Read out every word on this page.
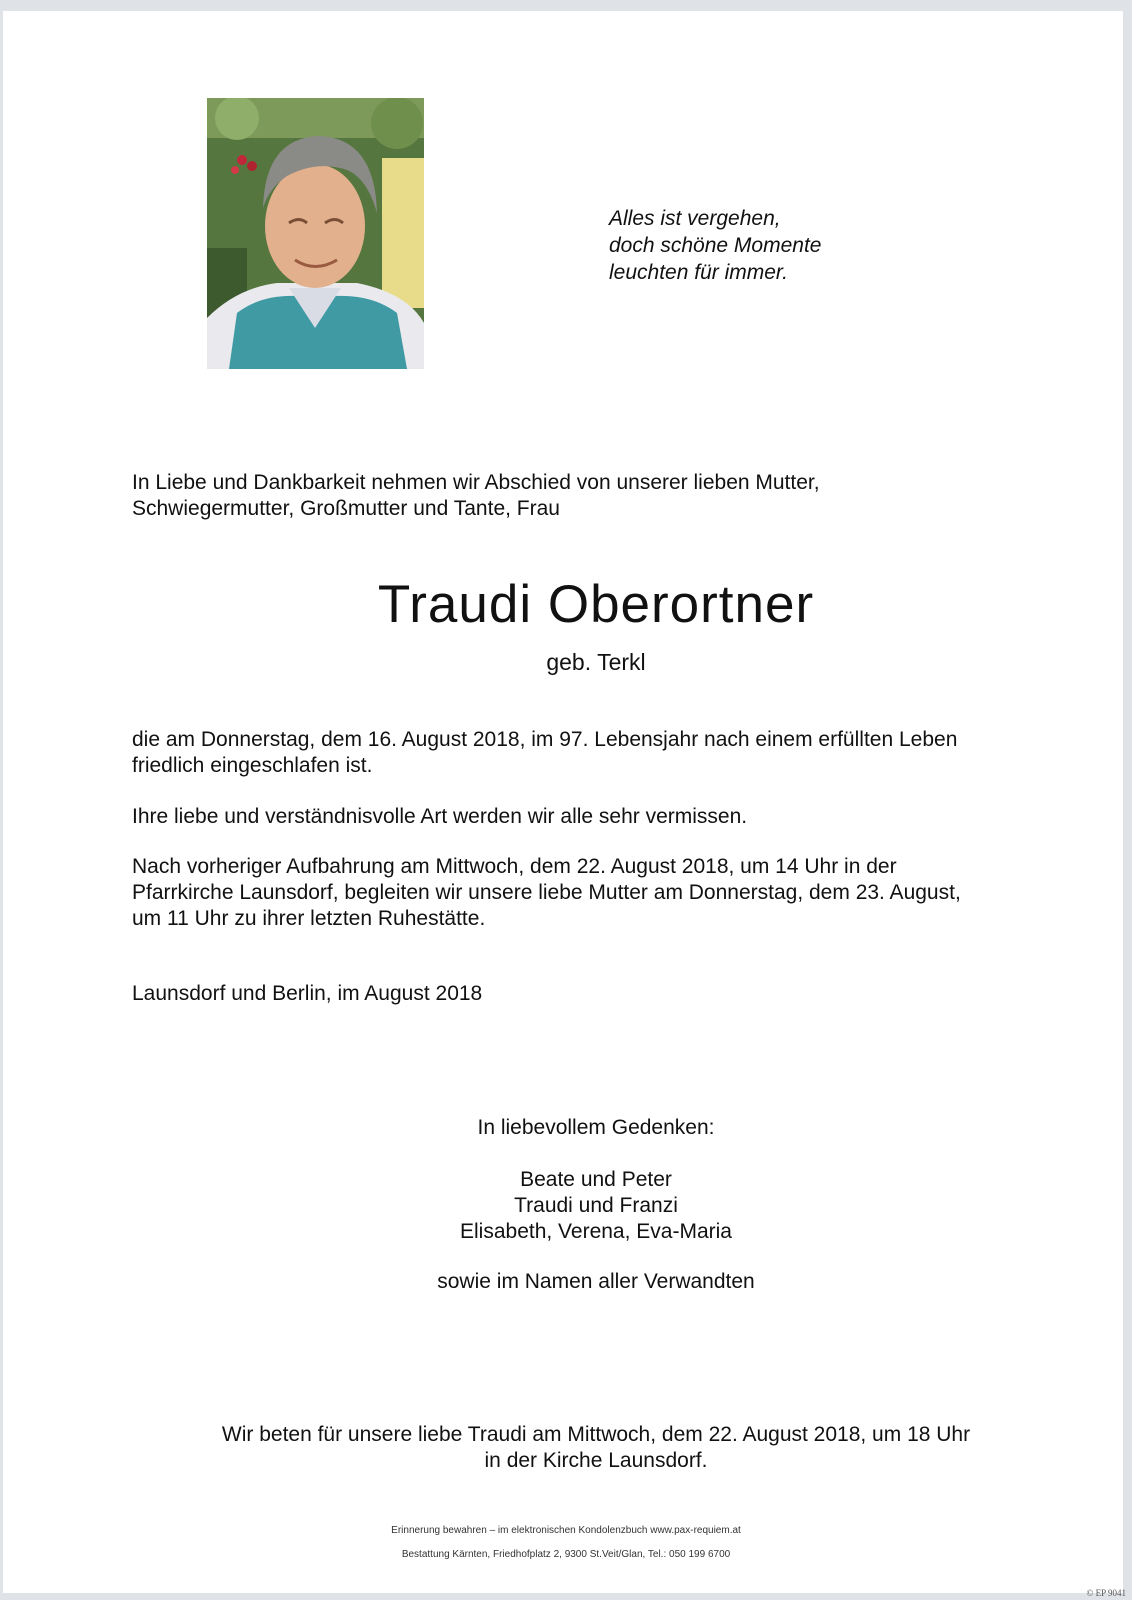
Alles ist vergehen,
doch schöne Momente
leuchten für immer.
In Liebe und Dankbarkeit nehmen wir Abschied von unserer lieben Mutter,
Schwiegermutter, Großmutter und Tante, Frau
Traudi Oberortner
geb. Terkl
die am Donnerstag, dem 16. August 2018, im 97. Lebensjahr nach einem erfüllten Leben
friedlich eingeschlafen ist.
Ihre liebe und verständnisvolle Art werden wir alle sehr vermissen.
Nach vorheriger Aufbahrung am Mittwoch, dem 22. August 2018, um 14 Uhr in der
Pfarrkirche Launsdorf, begleiten wir unsere liebe Mutter am Donnerstag, dem 23. August,
um 11 Uhr zu ihrer letzten Ruhestätte.
Launsdorf und Berlin, im August 2018
In liebevollem Gedenken:
Beate und Peter
Traudi und Franzi
Elisabeth, Verena, Eva-Maria
sowie im Namen aller Verwandten
Wir beten für unsere liebe Traudi am Mittwoch, dem 22. August 2018, um 18 Uhr
in der Kirche Launsdorf.
Erinnerung bewahren – im elektronischen Kondolenzbuch www.pax-requiem.at
Bestattung Kärnten, Friedhofplatz 2, 9300 St.Veit/Glan, Tel.: 050 199 6700
© EP 9041
